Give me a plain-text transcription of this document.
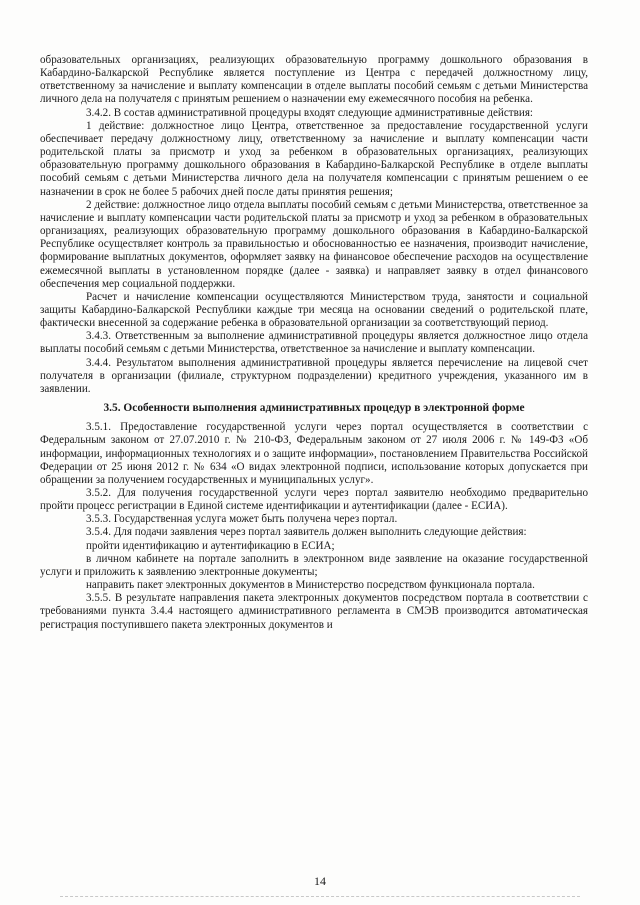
образовательных организациях, реализующих образовательную программу дошкольного образования в Кабардино-Балкарской Республике является поступление из Центра с передачей должностному лицу, ответственному за начисление и выплату компенсации в отделе выплаты пособий семьям с детьми Министерства личного дела на получателя с принятым решением о назначении ему ежемесячного пособия на ребенка.

3.4.2. В состав административной процедуры входят следующие административные действия:

1 действие: должностное лицо Центра, ответственное за предоставление государственной услуги обеспечивает передачу должностному лицу, ответственному за начисление и выплату компенсации части родительской платы за присмотр и уход за ребенком в образовательных организациях, реализующих образовательную программу дошкольного образования в Кабардино-Балкарской Республике в отделе выплаты пособий семьям с детьми Министерства личного дела на получателя компенсации с принятым решением о ее назначении в срок не более 5 рабочих дней после даты принятия решения;

2 действие: должностное лицо отдела выплаты пособий семьям с детьми Министерства, ответственное за начисление и выплату компенсации части родительской платы за присмотр и уход за ребенком в образовательных организациях, реализующих образовательную программу дошкольного образования в Кабардино-Балкарской Республике осуществляет контроль за правильностью и обоснованностью ее назначения, производит начисление, формирование выплатных документов, оформляет заявку на финансовое обеспечение расходов на осуществление ежемесячной выплаты в установленном порядке (далее - заявка) и направляет заявку в отдел финансового обеспечения мер социальной поддержки.

Расчет и начисление компенсации осуществляются Министерством труда, занятости и социальной защиты Кабардино-Балкарской Республики каждые три месяца на основании сведений о родительской плате, фактически внесенной за содержание ребенка в образовательной организации за соответствующий период.

3.4.3. Ответственным за выполнение административной процедуры является должностное лицо отдела выплаты пособий семьям с детьми Министерства, ответственное за начисление и выплату компенсации.

3.4.4. Результатом выполнения административной процедуры является перечисление на лицевой счет получателя в организации (филиале, структурном подразделении) кредитного учреждения, указанного им в заявлении.

3.5. Особенности выполнения административных процедур в электронной форме

3.5.1. Предоставление государственной услуги через портал осуществляется в соответствии с Федеральным законом от 27.07.2010 г. № 210-ФЗ, Федеральным законом от 27 июля 2006 г. № 149-ФЗ «Об информации, информационных технологиях и о защите информации», постановлением Правительства Российской Федерации от 25 июня 2012 г. № 634 «О видах электронной подписи, использование которых допускается при обращении за получением государственных и муниципальных услуг».

3.5.2. Для получения государственной услуги через портал заявителю необходимо предварительно пройти процесс регистрации в Единой системе идентификации и аутентификации (далее - ЕСИА).

3.5.3. Государственная услуга может быть получена через портал.

3.5.4. Для подачи заявления через портал заявитель должен выполнить следующие действия:

пройти идентификацию и аутентификацию в ЕСИА;

в личном кабинете на портале заполнить в электронном виде заявление на оказание государственной услуги и приложить к заявлению электронные документы;

направить пакет электронных документов в Министерство посредством функционала портала.

3.5.5. В результате направления пакета электронных документов посредством портала в соответствии с требованиями пункта 3.4.4 настоящего административного регламента в СМЭВ производится автоматическая регистрация поступившего пакета электронных документов и

14
